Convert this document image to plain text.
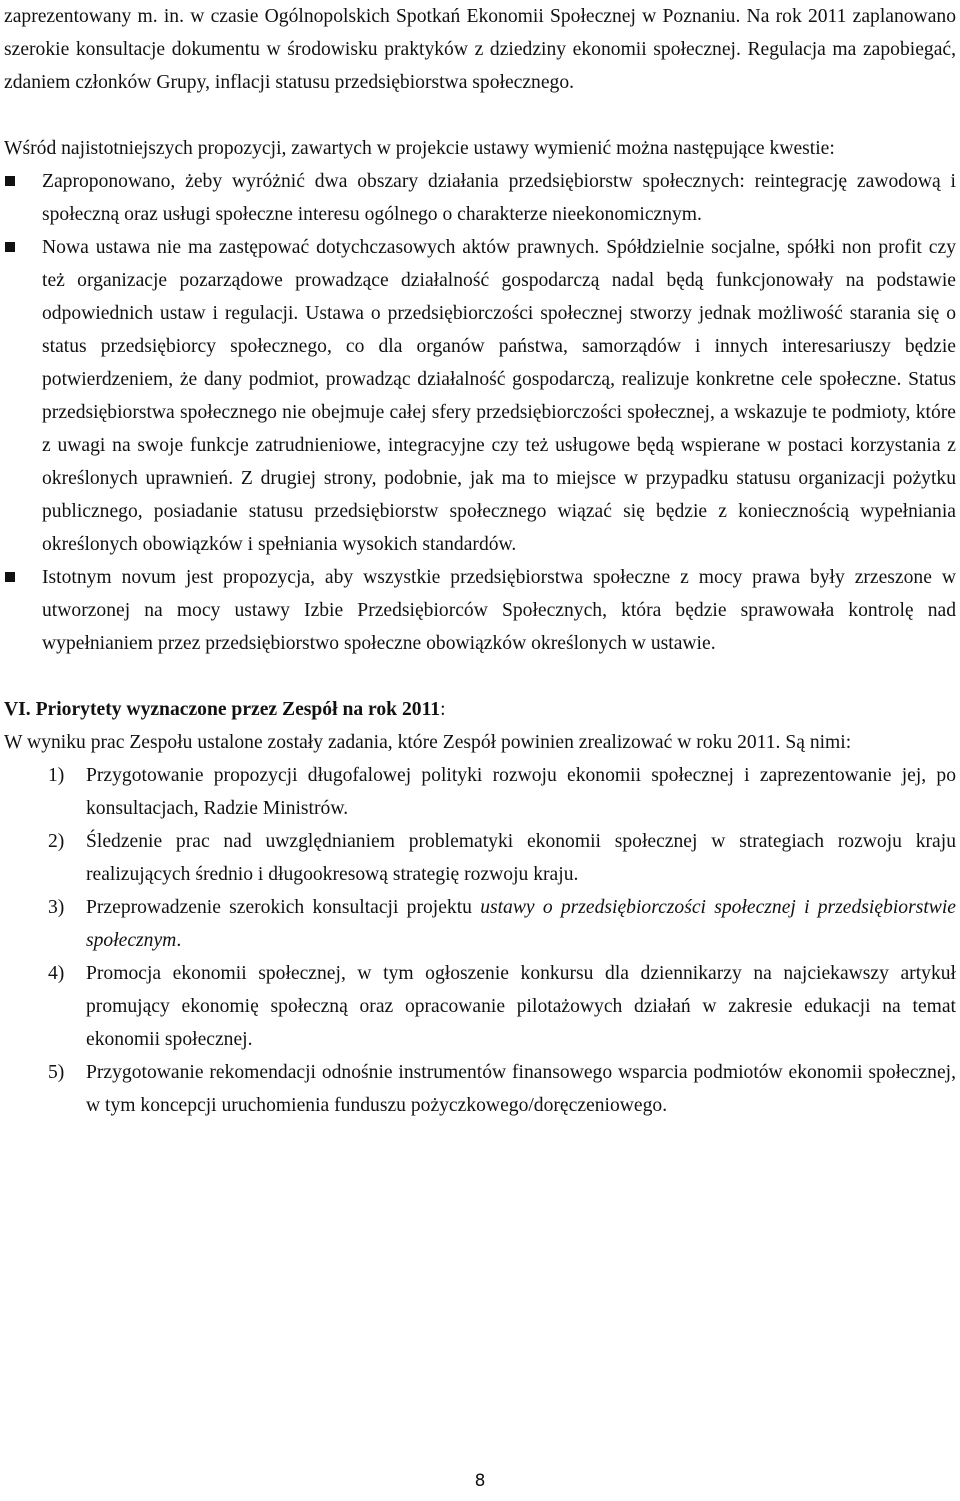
zaprezentowany m. in. w czasie Ogólnopolskich Spotkań Ekonomii Społecznej w Poznaniu. Na rok 2011 zaplanowano szerokie konsultacje dokumentu w środowisku praktyków z dziedziny ekonomii społecznej. Regulacja ma zapobiegać, zdaniem członków Grupy, inflacji statusu przedsiębiorstwa społecznego.

Wśród najistotniejszych propozycji, zawartych w projekcie ustawy wymienić można następujące kwestie:

Zaproponowano, żeby wyróżnić dwa obszary działania przedsiębiorstw społecznych: reintegrację zawodową i społeczną oraz usługi społeczne interesu ogólnego o charakterze nieekonomicznym.
Nowa ustawa nie ma zastępować dotychczasowych aktów prawnych. Spółdzielnie socjalne, spółki non profit czy też organizacje pozarządowe prowadzące działalność gospodarczą nadal będą funkcjonowały na podstawie odpowiednich ustaw i regulacji. Ustawa o przedsiębiorczości społecznej stworzy jednak możliwość starania się o status przedsiębiorcy społecznego, co dla organów państwa, samorządów i innych interesariuszy będzie potwierdzeniem, że dany podmiot, prowadząc działalność gospodarczą, realizuje konkretne cele społeczne. Status przedsiębiorstwa społecznego nie obejmuje całej sfery przedsiębiorczości społecznej, a wskazuje te podmioty, które z uwagi na swoje funkcje zatrudnieniowe, integracyjne czy też usługowe będą wspierane w postaci korzystania z określonych uprawnień. Z drugiej strony, podobnie, jak ma to miejsce w przypadku statusu organizacji pożytku publicznego, posiadanie statusu przedsiębiorstw społecznego wiązać się będzie z koniecznością wypełniania określonych obowiązków i spełniania wysokich standardów.
Istotnym novum jest propozycja, aby wszystkie przedsiębiorstwa społeczne z mocy prawa były zrzeszone w utworzonej na mocy ustawy Izbie Przedsiębiorców Społecznych, która będzie sprawowała kontrolę nad wypełnianiem przez przedsiębiorstwo społeczne obowiązków określonych w ustawie.

VI. Priorytety wyznaczone przez Zespół na rok 2011:

W wyniku prac Zespołu ustalone zostały zadania, które Zespół powinien zrealizować w roku 2011. Są nimi:

1) Przygotowanie propozycji długofalowej polityki rozwoju ekonomii społecznej i zaprezentowanie jej, po konsultacjach, Radzie Ministrów.
2) Śledzenie prac nad uwzględnianiem problematyki ekonomii społecznej w strategiach rozwoju kraju realizujących średnio i długookresową strategię rozwoju kraju.
3) Przeprowadzenie szerokich konsultacji projektu ustawy o przedsiębiorczości społecznej i przedsiębiorstwie społecznym.
4) Promocja ekonomii społecznej, w tym ogłoszenie konkursu dla dziennikarzy na najciekawszy artykuł promujący ekonomię społeczną oraz opracowanie pilotażowych działań w zakresie edukacji na temat ekonomii społecznej.
5) Przygotowanie rekomendacji odnośnie instrumentów finansowego wsparcia podmiotów ekonomii społecznej, w tym koncepcji uruchomienia funduszu pożyczkowego/doręczeniowego.
8
